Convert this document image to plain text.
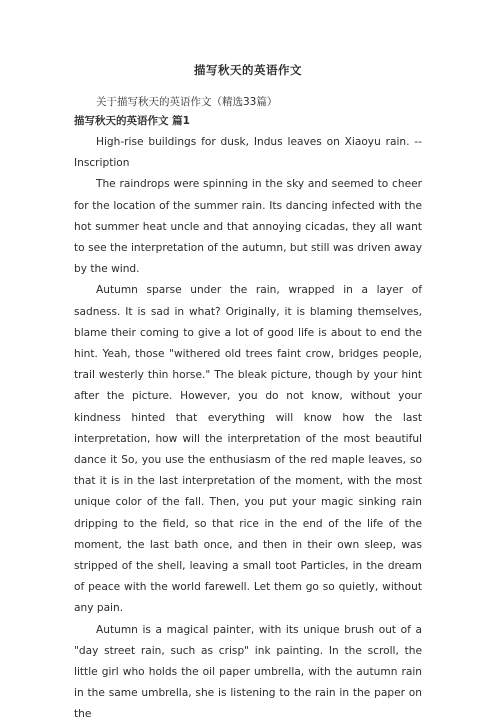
描写秋天的英语作文

关于描写秋天的英语作文（精选33篇）

描写秋天的英语作文 篇1

High-rise buildings for dusk, Indus leaves on Xiaoyu rain. -- Inscription

The raindrops were spinning in the sky and seemed to cheer for the location of the summer rain. Its dancing infected with the hot summer heat uncle and that annoying cicadas, they all want to see the interpretation of the autumn, but still was driven away by the wind.

Autumn sparse under the rain, wrapped in a layer of sadness. It is sad in what? Originally, it is blaming themselves, blame their coming to give a lot of good life is about to end the hint. Yeah, those "withered old trees faint crow, bridges people, trail westerly thin horse." The bleak picture, though by your hint after the picture. However, you do not know, without your kindness hinted that everything will know how the last interpretation, how will the interpretation of the most beautiful dance it So, you use the enthusiasm of the red maple leaves, so that it is in the last interpretation of the moment, with the most unique color of the fall. Then, you put your magic sinking rain dripping to the field, so that rice in the end of the life of the moment, the last bath once, and then in their own sleep, was stripped of the shell, leaving a small toot Particles, in the dream of peace with the world farewell. Let them go so quietly, without any pain.

Autumn is a magical painter, with its unique brush out of a "day street rain, such as crisp" ink painting. In the scroll, the little girl who holds the oil paper umbrella, with the autumn rain in the same umbrella, she is listening to the rain in the paper on the
